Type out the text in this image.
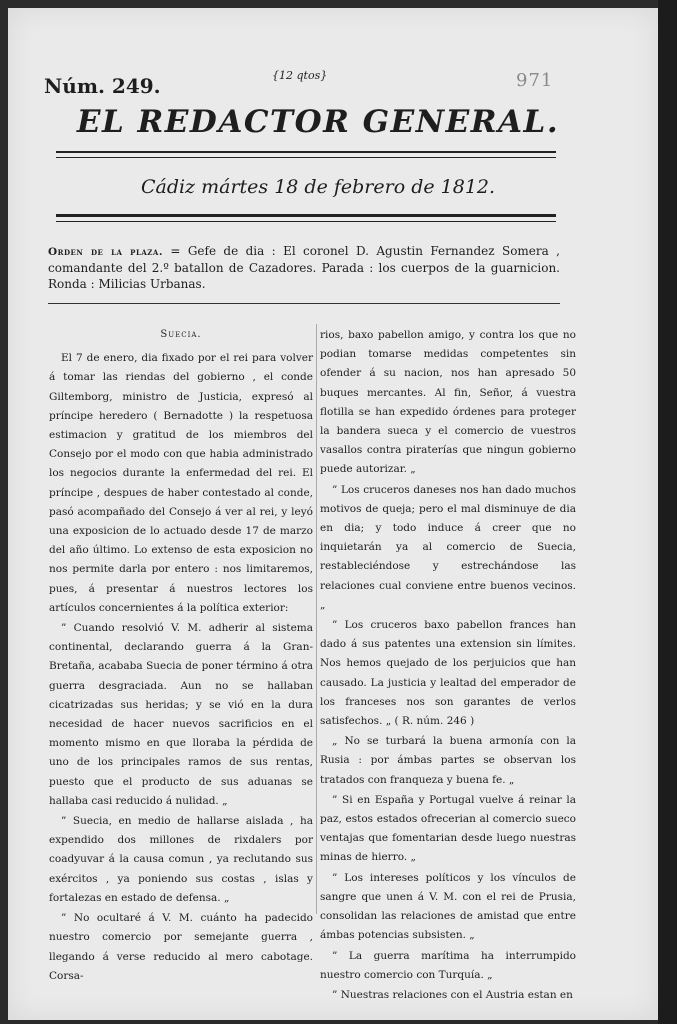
Núm. 249.	{12 qtos}	971
EL REDACTOR GENERAL.
Cádiz mártes 18 de febrero de 1812.
Orden de la plaza. = Gefe de dia : El coronel D. Agustin Fernandez Somera , comandante del 2.º batallon de Cazadores. Parada : los cuerpos de la guarnicion. Ronda : Milicias Urbanas.

Suecia.

El 7 de enero, dia fixado por el rei para volver á tomar las riendas del gobierno , el conde Giltemborg, ministro de Justicia, expresó al príncipe heredero ( Bernadotte ) la respetuosa estimacion y gratitud de los miembros del Consejo por el modo con que habia administrado los negocios durante la enfermedad del rei. El príncipe , despues de haber contestado al conde, pasó acompañado del Consejo á ver al rei, y leyó una exposicion de lo actuado desde 17 de marzo del año último. Lo extenso de esta exposicion no nos permite darla por entero : nos limitaremos, pues, á presentar á nuestros lectores los artículos concernientes á la política exterior:

” Cuando resolvió V. M. adherir al sistema continental, declarando guerra á la Gran-Bretaña, acababa Suecia de poner término á otra guerra desgraciada. Aun no se hallaban cicatrizadas sus heridas; y se vió en la dura necesidad de hacer nuevos sacrificios en el momento mismo en que lloraba la pérdida de uno de los principales ramos de sus rentas, puesto que el producto de sus aduanas se hallaba casi reducido á nulidad. „

” Suecia, en medio de hallarse aislada , ha expendido dos millones de rixdalers por coadyuvar á la causa comun , ya reclutando sus exércitos , ya poniendo sus costas , islas y fortalezas en estado de defensa. „

” No ocultaré á V. M. cuánto ha padecido nuestro comercio por semejante guerra , llegando á verse reducido al mero cabotage. Corsa-

rios, baxo pabellon amigo, y contra los que no podian tomarse medidas competentes sin ofender á su nacion, nos han apresado 50 buques mercantes. Al fin, Señor, á vuestra flotilla se han expedido órdenes para proteger la bandera sueca y el comercio de vuestros vasallos contra piraterías que ningun gobierno puede autorizar. „

” Los cruceros daneses nos han dado muchos motivos de queja; pero el mal disminuye de dia en dia; y todo induce á creer que no inquietarán ya al comercio de Suecia, restableciéndose y estrechándose las relaciones cual conviene entre buenos vecinos. „

” Los cruceros baxo pabellon frances han dado á sus patentes una extension sin límites. Nos hemos quejado de los perjuicios que han causado. La justicia y lealtad del emperador de los franceses nos son garantes de verlos satisfechos. „ ( R. núm. 246 )

„ No se turbará la buena armonía con la Rusia : por ámbas partes se observan los tratados con franqueza y buena fe. „

” Si en España y Portugal vuelve á reinar la paz, estos estados ofrecerian al comercio sueco ventajas que fomentarian desde luego nuestras minas de hierro. „

” Los intereses políticos y los vínculos de sangre que unen á V. M. con el rei de Prusia, consolidan las relaciones de amistad que entre ámbas potencias subsisten. „

” La guerra marítima ha interrumpido nuestro comercio con Turquía. „

” Nuestras relaciones con el Austria estan en
